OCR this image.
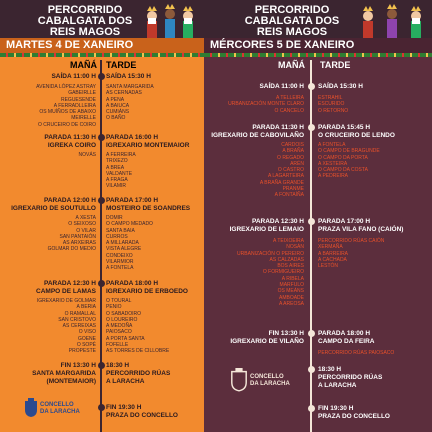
PERCORRIDO
CABALGATA DOS
REIS MAGOS
MARTES 4 DE XANEIRO
MAÑÁ TARDE
SAÍDA 11:00 H SAÍDA 15:30 H
AVENIDA LÓPEZ ASTRAY
GABEIRLLE
REGUESENDE
A FERRADLLEIRA
OS MUÍÑOS DE ABAIXO
MEIRELLE
O CRUCEIRO DE COIRO
SANTA MARGARIDA
AS CERNADAS
A PENA
A BAIUCA
CUMIÁNS
O BAÑO
PARADA 11:30 H
IGREKA COIRO
NOVÁS
PARADA 16:00 H
IGREXARIO MONTEMAIOR
A FERREIRA
TRIXEZO
A BREA
VALDANTE
A FRAGA
VILAMIR
PARADA 12:00 H
IGREXARIO DE SOUTULLO
PARADA 17:00 H
MOSTEIRO DE SOANDRES
A XESTA
O SEIXOSO
O VILAR
SAN PANTAIÓN
AS ARXEIRAS
GOLMAR DO MEDIO
DOMIR
O CAMPO MEDADO
SANTA BAIA
CURROS
A MILLARADA
VISTA ALEGRE
CONDEIXO
VILARMIOR
A FONTELA
PARADA 12:30 H
CAMPO DE LAMAS
PARADA 18:00 H
IGREXARIO DE ERBOEDO
IGREXARIO DE GOLMAR
A BERIA
O RAMALLAL
SAN CRISTOVO
AS CEREIXAS
O VISO
GOENE
O SOPÉ
PROPESTE
O TOURAL
PENIO
O SABADOIRO
O LOUREIRO
A MEDOÑA
PAIOSACO
A PORTA SANTA
FOFELLE
AS TORRES DE CILLOBRE
FIN 13:30 H
SANTA MARGARIDA
(MONTEMAIOR)
18:30 H
PERCORRIDO RÚAS
A LARACHA
FIN 19:30 H
PRAZA DO CONCELLO
CONCELLO
DA LARACHA
PERCORRIDO
CABALGATA DOS
REIS MAGOS
MÉRCORES 5 DE XANEIRO
MAÑÁ TARDE
SAÍDA 11:00 H SAÍDA 15:30 H
A TELLEIRA
URBANIZACIÓN MONTE CLARO
O CANCELO
ESTRAHIL
ESCURIDO
O RETORNO
PARADA 11:30 H
IGREXARIO DE CABOVILAÑO
PARADA 15:45 H
O CRUCEIRO DE LENDO
CARDOIS
A BRAÑA
O REGADO
ARÉN
O CASTRO
A LAGARTEIRA
A BRAÑA GRANDE
PRANME
A FONTAÍÑA
A FONTELA
O CAMPO DE BRAGUNDE
O CAMPO DA PORTA
A XESTEIRA
O CAMPO DA COSTA
A PEDREIRA
PARADA 12:30 H
IGREXARIO DE LEMAIO
PARADA 17:00 H
PRAZA VILA FANO (CAIÓN)
A TEIXOEIRA
NOSÁN
URBANIZACIÓN O PEREIRO
AS CALZADAS
BOS AIRES
O FORMIGUEIRO
A RIBELA
MARFULO
OS MEÁNS
AMBOADE
A AREOSA
PERCORRIDO RÚAS CAIÓN
XERMAÑA
A BARREIRA
A CACHADA
LESTÓN
FIN 13:30 H
IGREXARIO DE VILAÑO
PARADA 18:00 H
CAMPO DA FEIRA
PERCORRIDO RÚAS PAIOSACO
18:30 H
PERCORRIDO RÚAS
A LARACHA
FIN 19:30 H
PRAZA DO CONCELLO
CONCELLO
DA LARACHA
